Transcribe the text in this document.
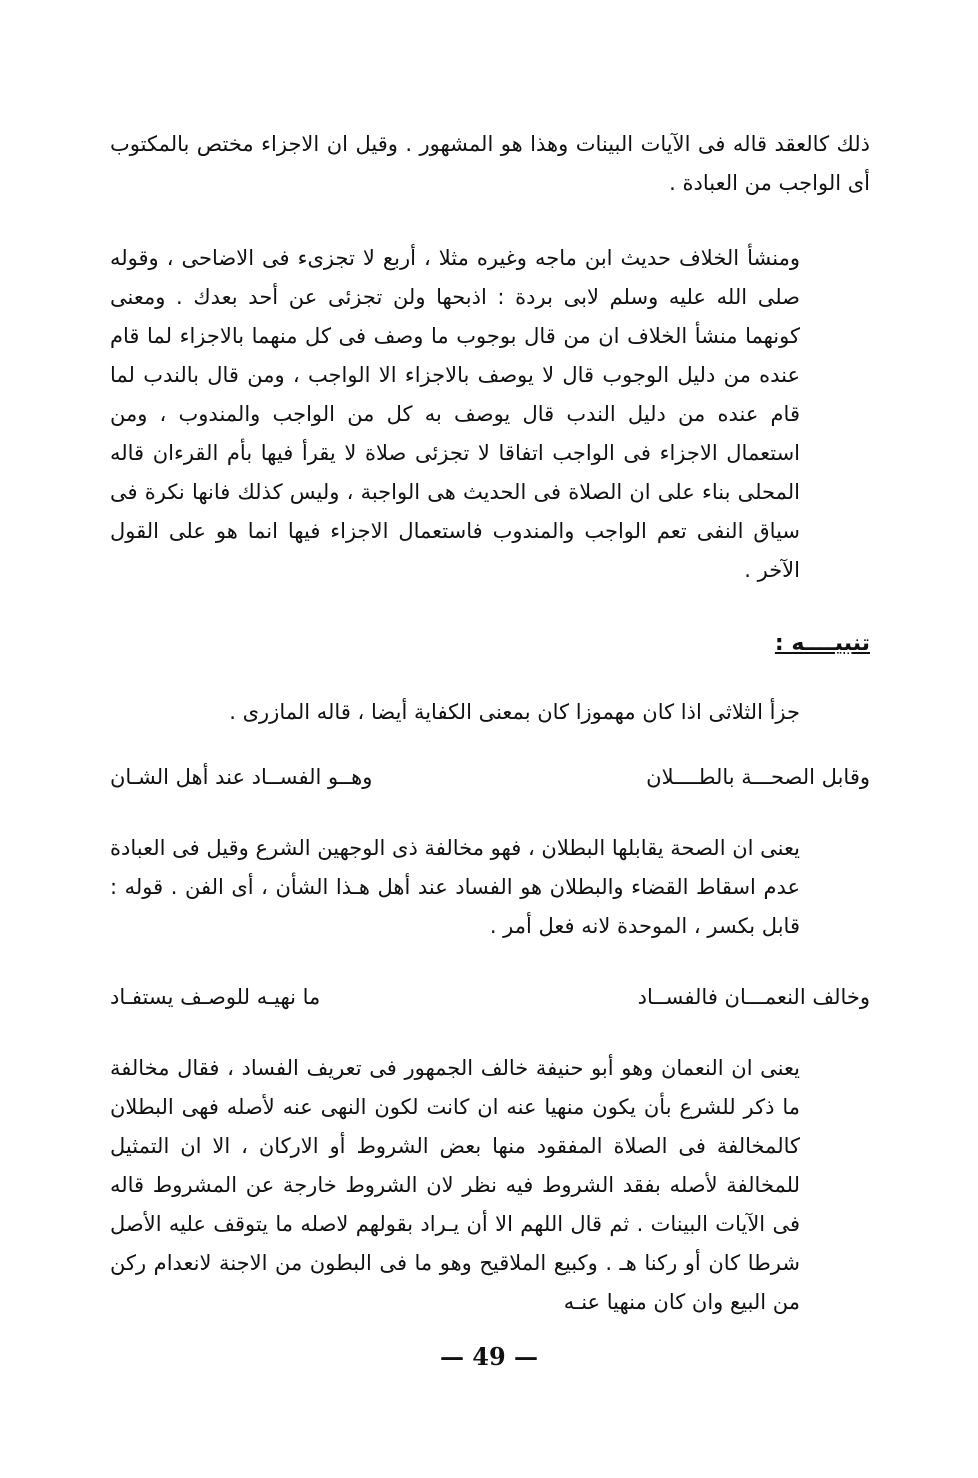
ذلك كالعقد قاله فى الآيات البينات وهذا هو المشهور . وقيل ان الاجزاء مختص بالمكتوب أى الواجب من العبادة .

ومنشأ الخلاف حديث ابن ماجه وغيره مثلا ، أربع لا تجزىء فى الاضاحى ، وقوله صلى الله عليه وسلم لابى بردة : اذبحها ولن تجزئى عن أحد بعدك . ومعنى كونهما منشأ الخلاف ان من قال بوجوب ما وصف فى كل منهما بالاجزاء لما قام عنده من دليل الوجوب قال لا يوصف بالاجزاء الا الواجب ، ومن قال بالندب لما قام عنده من دليل الندب قال يوصف به كل من الواجب والمندوب ، ومن استعمال الاجزاء فى الواجب اتفاقا لا تجزئى صلاة لا يقرأ فيها بأم القرءان قاله المحلى بناء على ان الصلاة فى الحديث هى الواجبة ، وليس كذلك فانها نكرة فى سياق النفى تعم الواجب والمندوب فاستعمال الاجزاء فيها انما هو على القول الآخر .

تنبيــــه :

جزأ الثلاثى اذا كان مهموزا كان بمعنى الكفاية أيضا ، قاله المازرى .

وقابل الصحـــة بالطــــلان
وهــو الفســاد عند أهل الشـان

يعنى ان الصحة يقابلها البطلان ، فهو مخالفة ذى الوجهين الشرع وقيل فى العبادة عدم اسقاط القضاء والبطلان هو الفساد عند أهل هـذا الشأن ، أى الفن . قوله : قابل بكسر ، الموحدة لانه فعل أمر .

وخالف النعمـــان فالفســاد
ما نهيـه للوصـف يستفـاد

يعنى ان النعمان وهو أبو حنيفة خالف الجمهور فى تعريف الفساد ، فقال مخالفة ما ذكر للشرع بأن يكون منهيا عنه ان كانت لكون النهى عنه لأصله فهى البطلان كالمخالفة فى الصلاة المفقود منها بعض الشروط أو الاركان ، الا ان التمثيل للمخالفة لأصله بفقد الشروط فيه نظر لان الشروط خارجة عن المشروط قاله فى الآيات البينات . ثم قال اللهم الا أن يـراد بقولهم لاصله ما يتوقف عليه الأصل شرطا كان أو ركنا هـ . وكبيع الملاقيح وهو ما فى البطون من الاجنة لانعدام ركن من البيع وان كان منهيا عنـه

— 49 —
